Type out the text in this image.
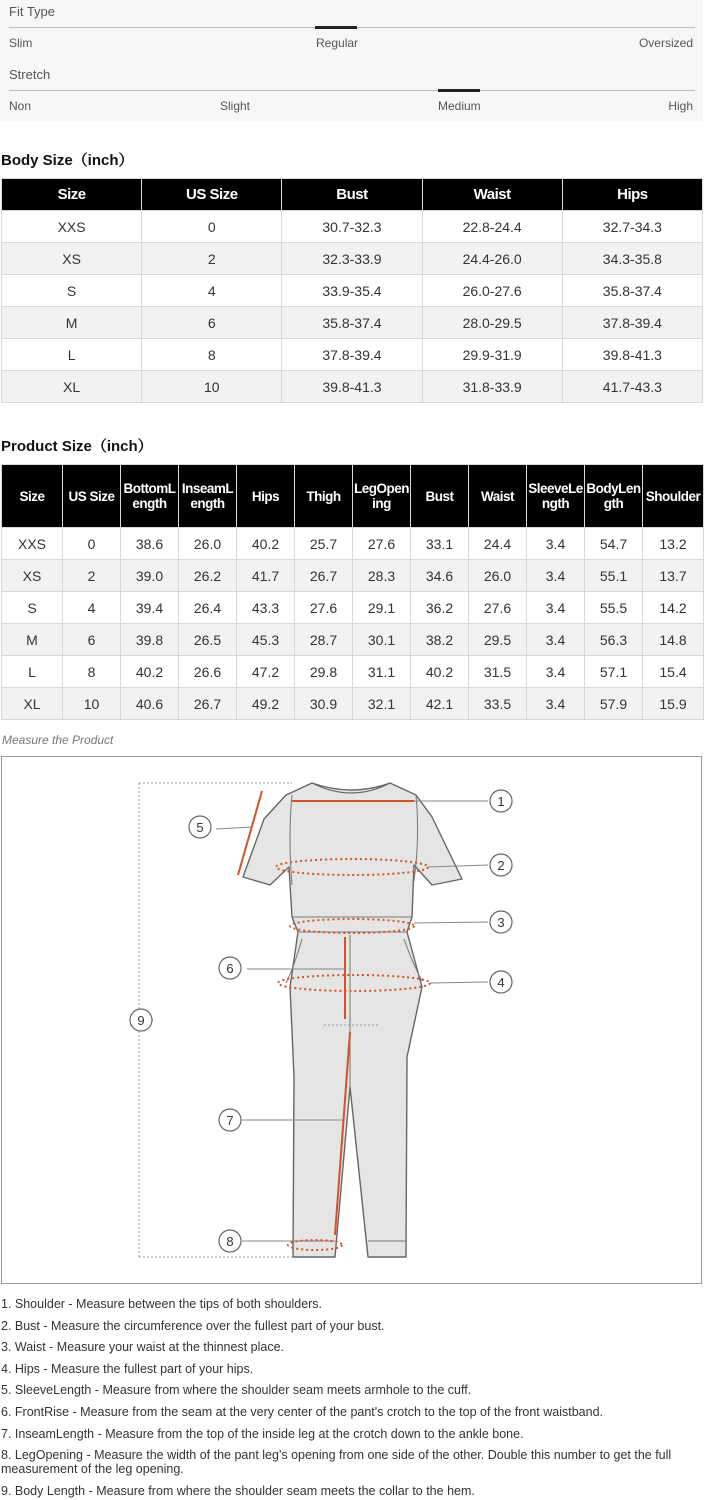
Fit Type
Slim	Regular	Oversized
Stretch
Non	Slight	Medium	High
Body Size（inch）
Size	US Size	Bust	Waist	Hips
XXS	0	30.7-32.3	22.8-24.4	32.7-34.3
XS	2	32.3-33.9	24.4-26.0	34.3-35.8
S	4	33.9-35.4	26.0-27.6	35.8-37.4
M	6	35.8-37.4	28.0-29.5	37.8-39.4
L	8	37.8-39.4	29.9-31.9	39.8-41.3
XL	10	39.8-41.3	31.8-33.9	41.7-43.3
Product Size（inch）
Size	US Size	BottomLength	InseamLength	Hips	Thigh	LegOpening	Bust	Waist	SleeveLength	BodyLength	Shoulder
XXS	0	38.6	26.0	40.2	25.7	27.6	33.1	24.4	3.4	54.7	13.2
XS	2	39.0	26.2	41.7	26.7	28.3	34.6	26.0	3.4	55.1	13.7
S	4	39.4	26.4	43.3	27.6	29.1	36.2	27.6	3.4	55.5	14.2
M	6	39.8	26.5	45.3	28.7	30.1	38.2	29.5	3.4	56.3	14.8
L	8	40.2	26.6	47.2	29.8	31.1	40.2	31.5	3.4	57.1	15.4
XL	10	40.6	26.7	49.2	30.9	32.1	42.1	33.5	3.4	57.9	15.9
Measure the Product
1
2
3
4
5
6
7
8
9
1. Shoulder - Measure between the tips of both shoulders.
2. Bust - Measure the circumference over the fullest part of your bust.
3. Waist - Measure your waist at the thinnest place.
4. Hips - Measure the fullest part of your hips.
5. SleeveLength - Measure from where the shoulder seam meets armhole to the cuff.
6. FrontRise - Measure from the seam at the very center of the pant's crotch to the top of the front waistband.
7. InseamLength - Measure from the top of the inside leg at the crotch down to the ankle bone.
8. LegOpening - Measure the width of the pant leg's opening from one side of the other. Double this number to get the full measurement of the leg opening.
9. Body Length - Measure from where the shoulder seam meets the collar to the hem.
